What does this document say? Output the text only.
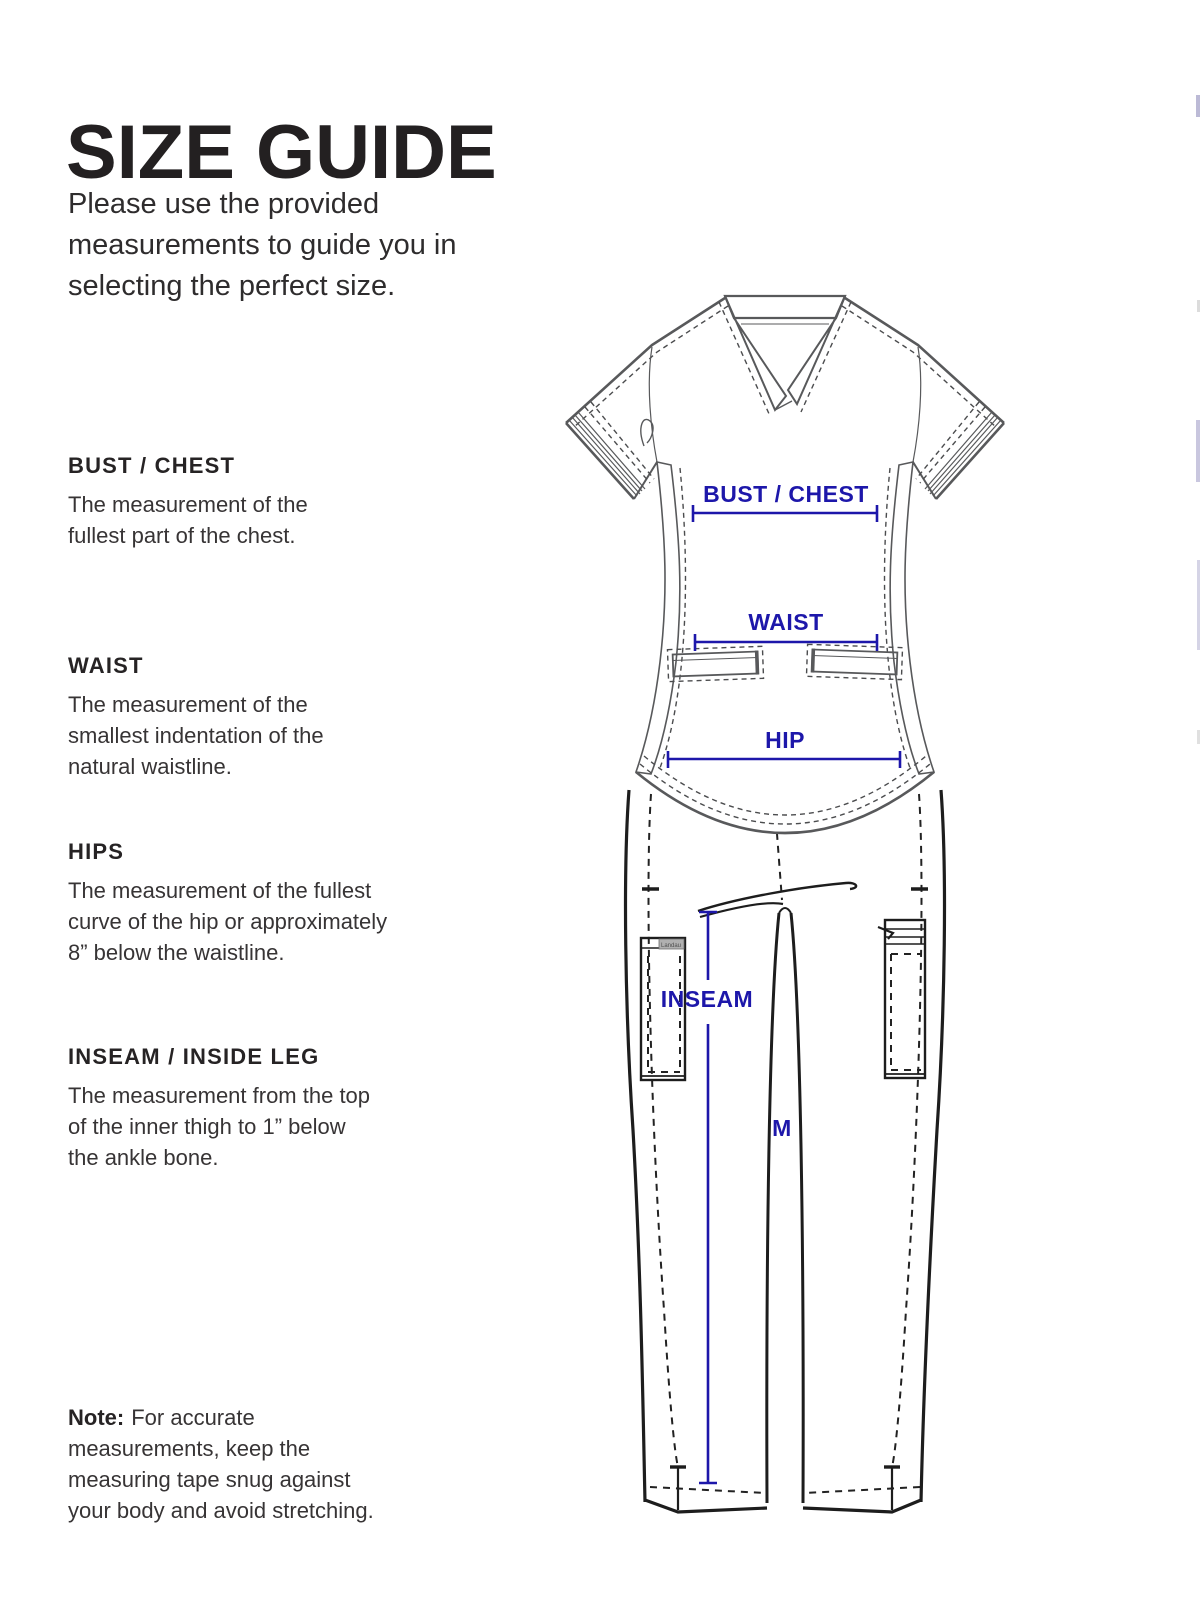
SIZE GUIDE
Please use the provided
measurements to guide you in
selecting the perfect size.
BUST / CHEST
The measurement of the
fullest part of the chest.
WAIST
The measurement of the
smallest indentation of the
natural waistline.
HIPS
The measurement of the fullest
curve of the hip or approximately
8” below the waistline.
INSEAM / INSIDE LEG
The measurement from the top
of the inner thigh to 1” below
the ankle bone.
Note: For accurate
measurements, keep the
measuring tape snug against
your body and avoid stretching.
Landau
BUST / CHEST
WAIST
HIP
INSEAM
M
